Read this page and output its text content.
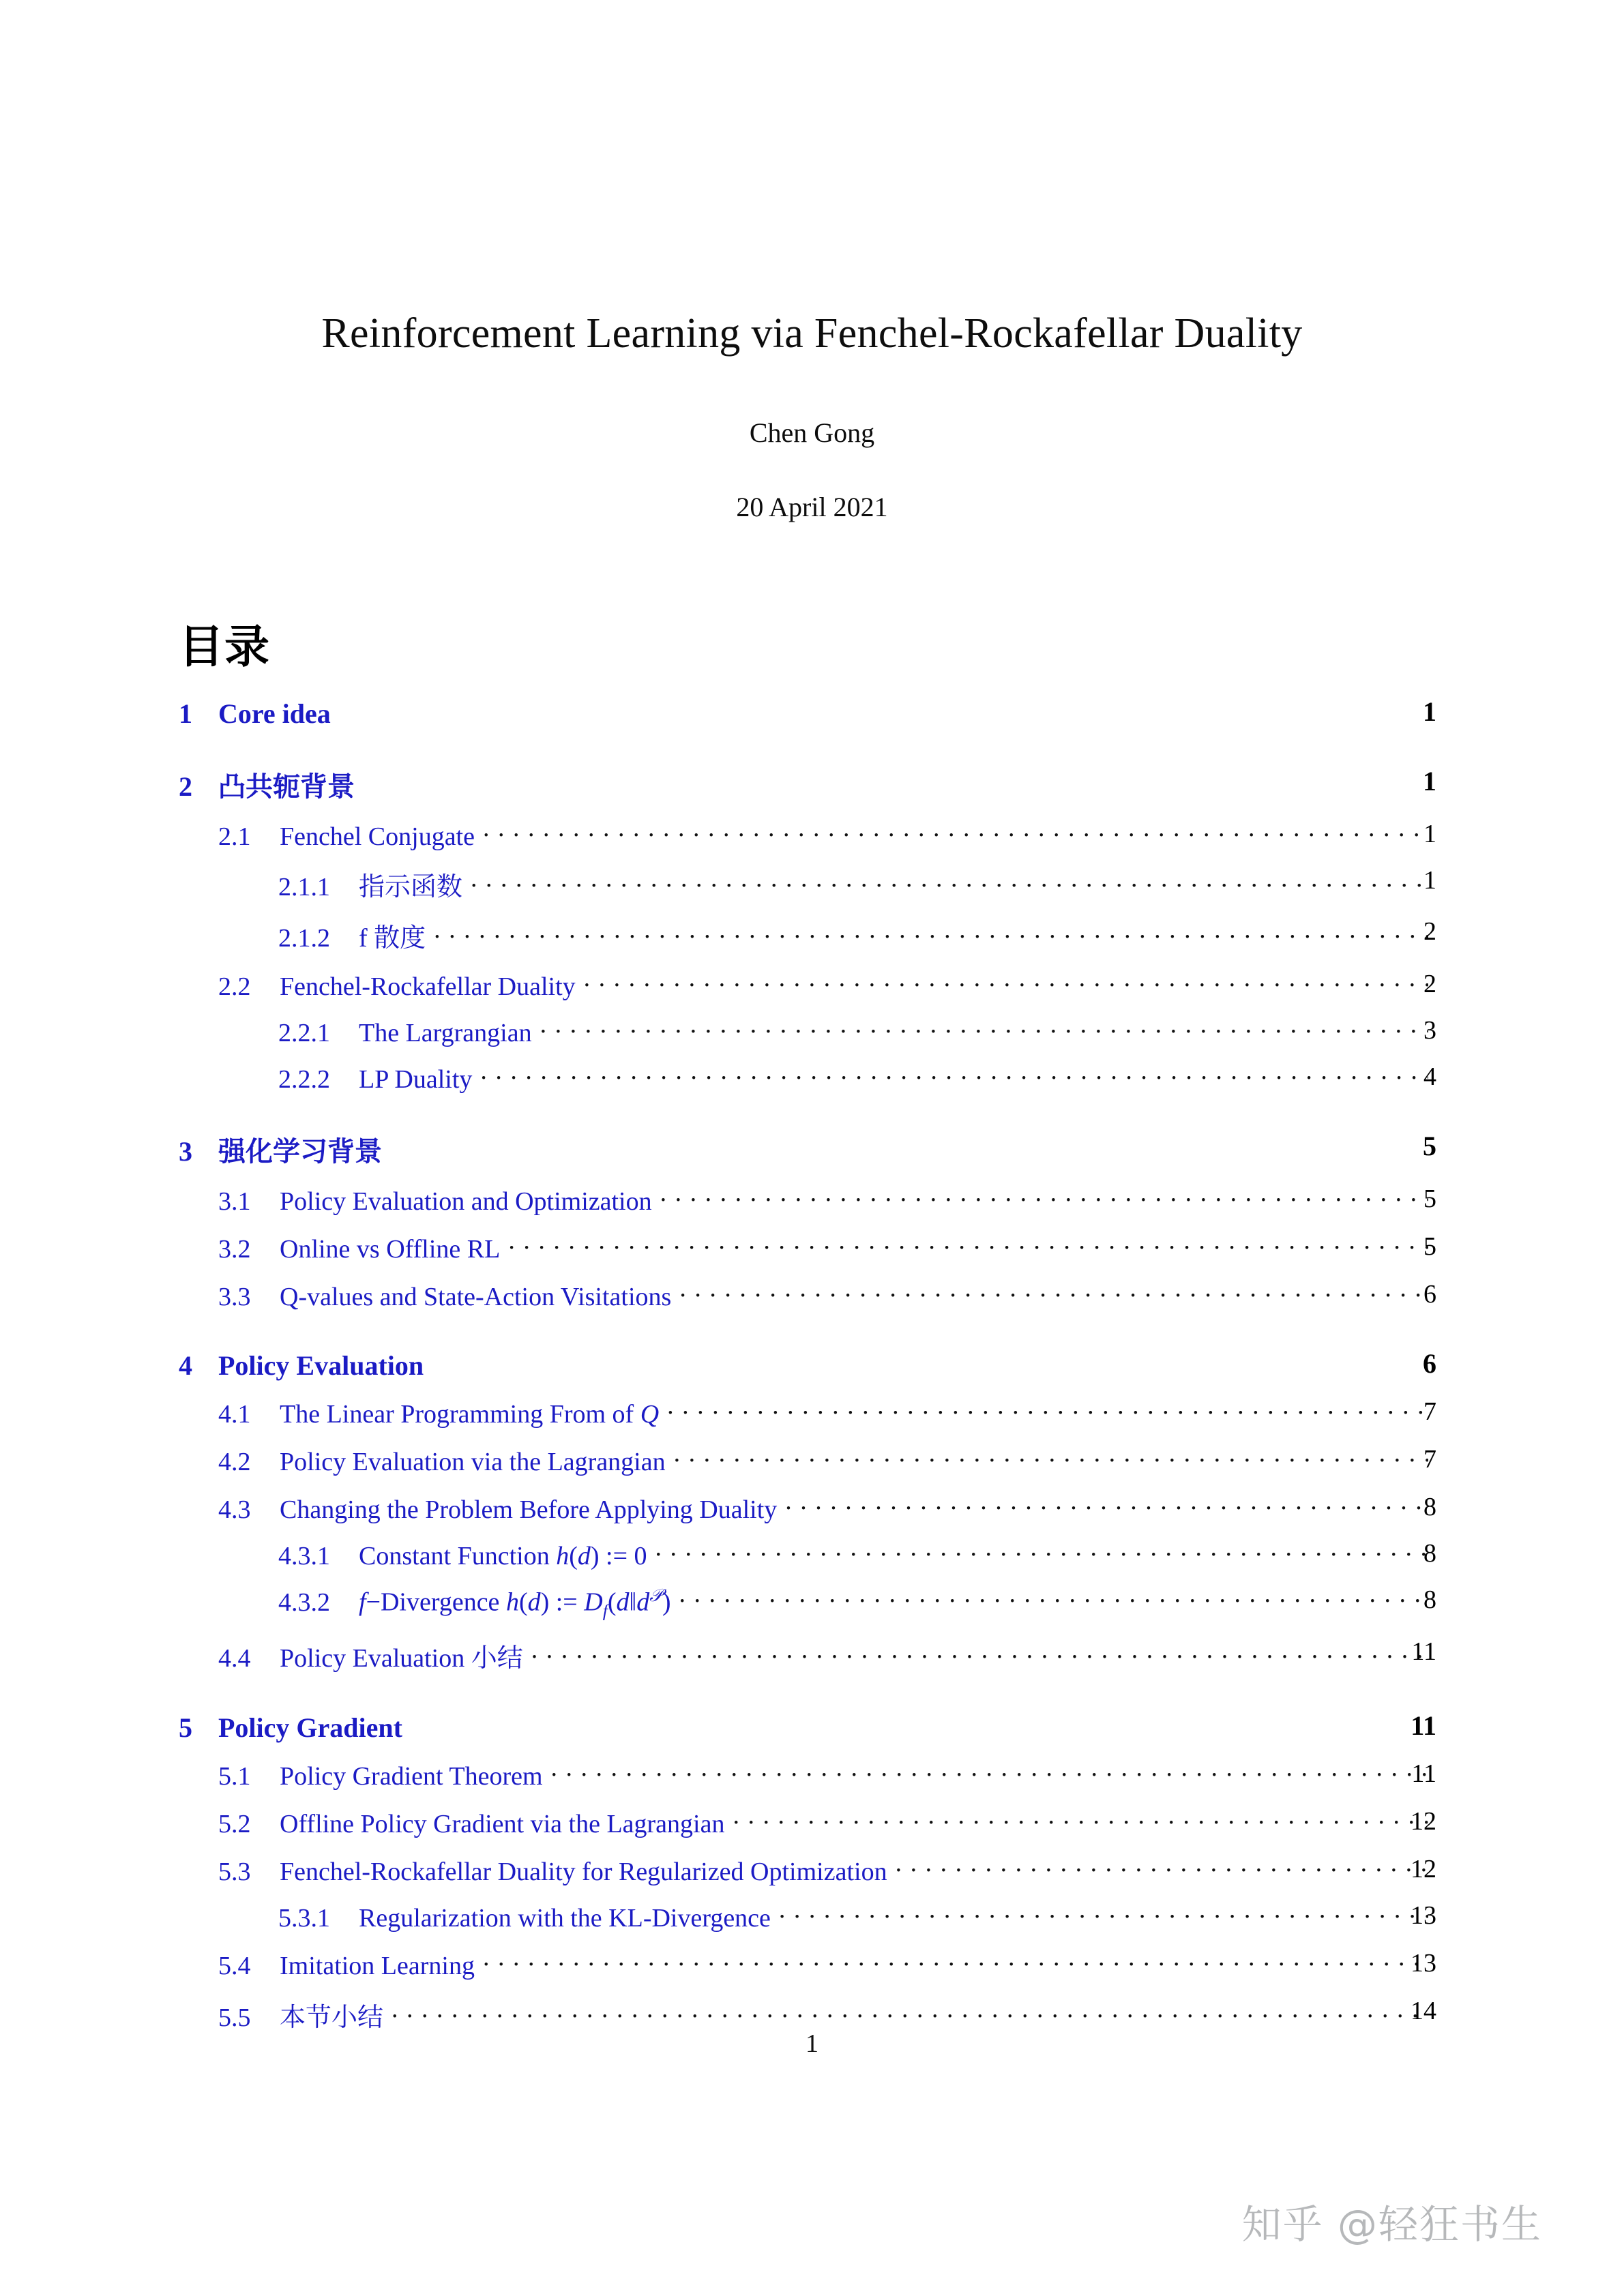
Reinforcement Learning via Fenchel-Rockafellar Duality
Chen Gong
20 April 2021
目录
1 Core idea	1
2 凸共轭背景	1
2.1	Fenchel Conjugate . . .	1
2.1.1	指示函数 . . .	1
2.1.2	f 散度 . . .	2
2.2	Fenchel-Rockafellar Duality . . .	2
2.2.1	The Largrangian . . .	3
2.2.2	LP Duality . . .	4
3 强化学习背景	5
3.1	Policy Evaluation and Optimization . . .	5
3.2	Online vs Offline RL . . .	5
3.3	Q-values and State-Action Visitations . . .	6
4 Policy Evaluation	6
4.1	The Linear Programming From of Q . . .	7
4.2	Policy Evaluation via the Lagrangian . . .	7
4.3	Changing the Problem Before Applying Duality . . .	8
4.3.1	Constant Function h(d) := 0 . . .	8
4.3.2	f−Divergence h(d) := $D_f(d‖d^𝒫)$ . . .	8
4.4	Policy Evaluation 小结 . . .	11
5 Policy Gradient	11
5.1	Policy Gradient Theorem . . .	11
5.2	Offline Policy Gradient via the Lagrangian . . .	12
5.3	Fenchel-Rockafellar Duality for Regularized Optimization . . .	12
5.3.1	Regularization with the KL-Divergence . . .	13
5.4	Imitation Learning . . .	13
5.5	本节小结 . . .	14
1
知乎 @轻狂书生
